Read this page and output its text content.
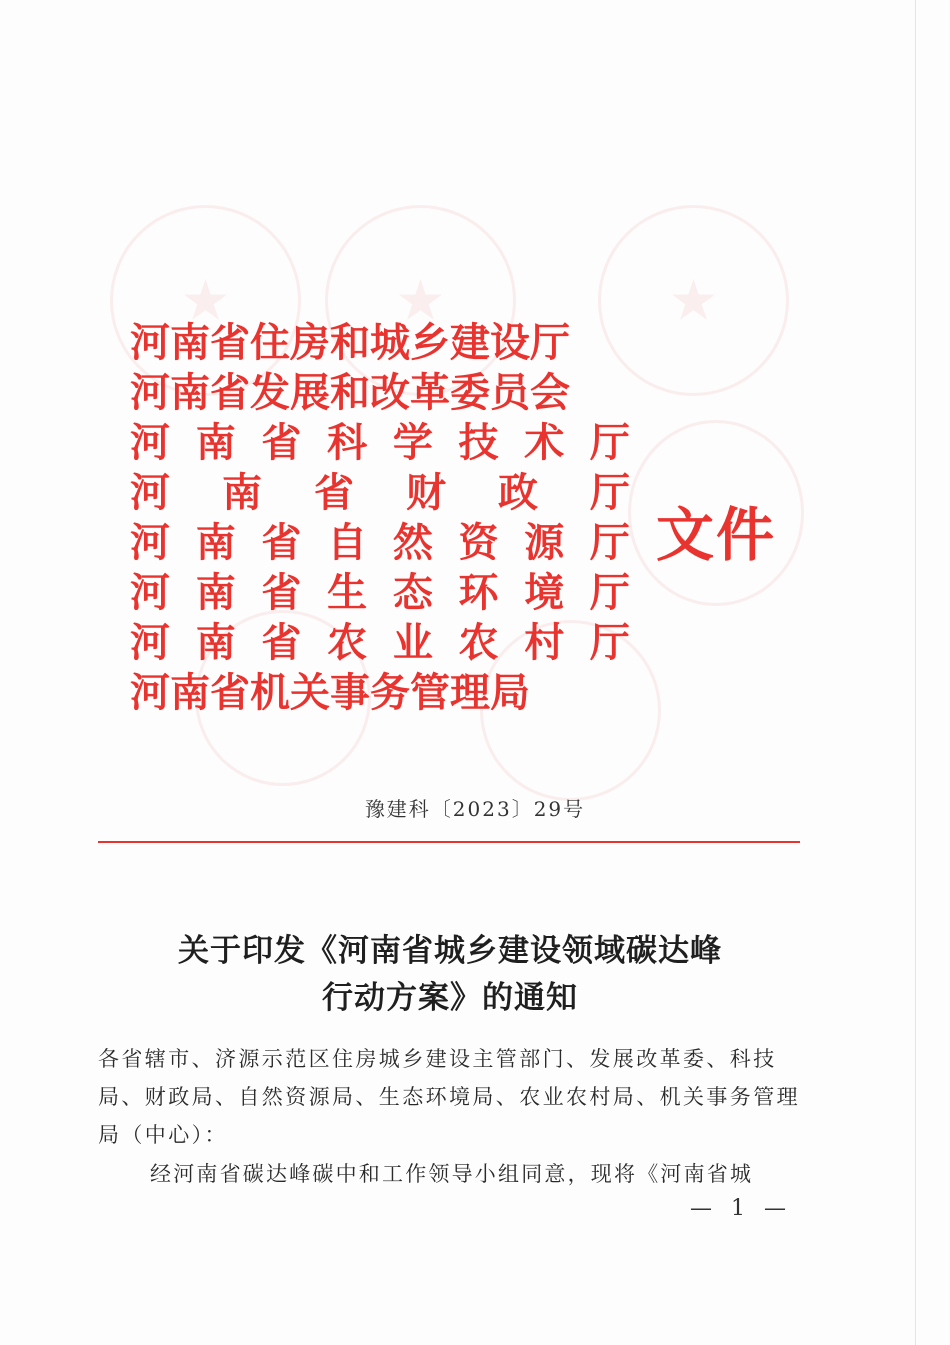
★	★	★
河南省住房和城乡建设厅
河南省发展和改革委员会
河 南 省 科 学 技 术 厅
河 南 省 财 政 厅
河 南 省 自 然 资 源 厅
河 南 省 生 态 环 境 厅
河 南 省 农 业 农 村 厅
河南省机关事务管理局
文件
豫建科〔2023〕29号
关于印发《河南省城乡建设领域碳达峰
行动方案》的通知
各省辖市、济源示范区住房城乡建设主管部门、发展改革委、科技局、财政局、自然资源局、生态环境局、农业农村局、机关事务管理局（中心）：
经河南省碳达峰碳中和工作领导小组同意，现将《河南省城
— 1 —
